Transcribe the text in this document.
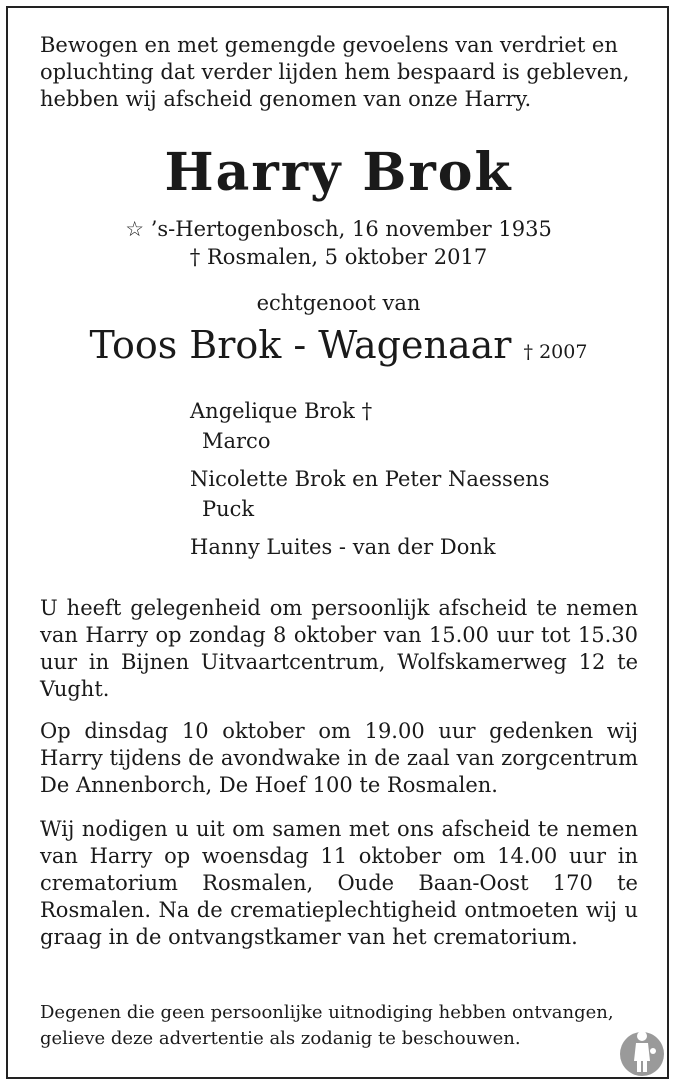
Bewogen en met gemengde gevoelens van verdriet en opluchting dat verder lijden hem bespaard is gebleven, hebben wij afscheid genomen van onze Harry.
Harry Brok
☆ ’s-Hertogenbosch, 16 november 1935
† Rosmalen, 5 oktober 2017
echtgenoot van
Toos Brok - Wagenaar † 2007
Angelique Brok †
Marco
Nicolette Brok en Peter Naessens
Puck
Hanny Luites - van der Donk
U heeft gelegenheid om persoonlijk afscheid te nemen van Harry op zondag 8 oktober van 15.00 uur tot 15.30 uur in Bijnen Uitvaartcentrum, Wolfskamerweg 12 te Vught.
Op dinsdag 10 oktober om 19.00 uur gedenken wij Harry tijdens de avondwake in de zaal van zorgcentrum De Annenborch, De Hoef 100 te Rosmalen.
Wij nodigen u uit om samen met ons afscheid te nemen van Harry op woensdag 11 oktober om 14.00 uur in crematorium Rosmalen, Oude Baan-Oost 170 te Rosmalen. Na de crematieplechtigheid ontmoeten wij u graag in de ontvangstkamer van het crematorium.
Degenen die geen persoonlijke uitnodiging hebben ontvangen, gelieve deze advertentie als zodanig te beschouwen.
